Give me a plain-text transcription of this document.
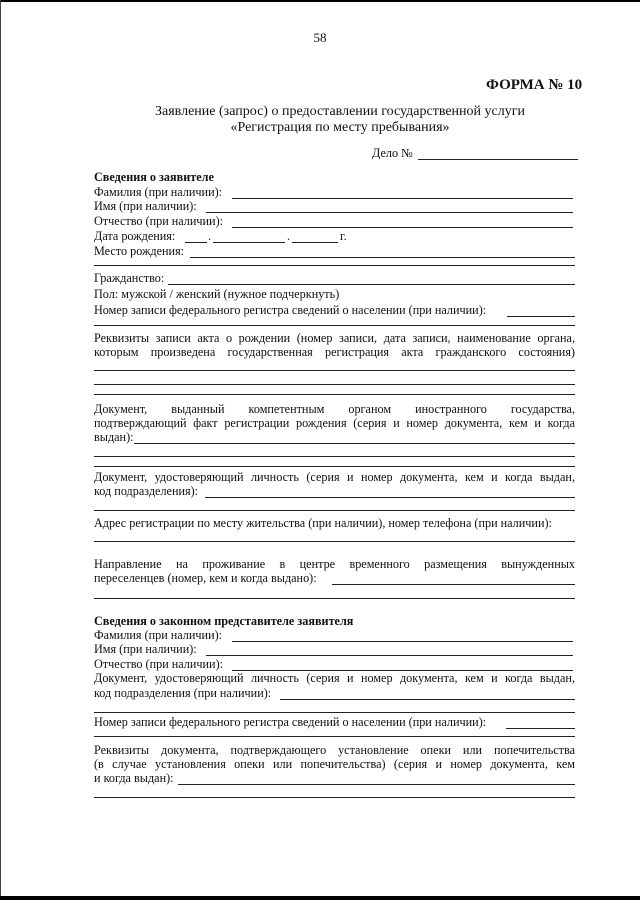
58
ФОРМА № 10
Заявление (запрос) о предоставлении государственной услуги
«Регистрация по месту пребывания»
Дело №
Сведения о заявителе
Фамилия (при наличии):
Имя (при наличии):
Отчество (при наличии):
Дата рождения:	.	.	г.
Место рождения:
Гражданство:
Пол: мужской / женский (нужное подчеркнуть)
Номер записи федерального регистра сведений о населении (при наличии):
Реквизиты записи акта о рождении (номер записи, дата записи, наименование органа,
которым произведена государственная регистрация акта гражданского состояния)
Документ, выданный компетентным органом иностранного государства,
подтверждающий факт регистрации рождения (серия и номер документа, кем и когда
выдан):
Документ, удостоверяющий личность (серия и номер документа, кем и когда выдан,
код подразделения):
Адрес регистрации по месту жительства (при наличии), номер телефона (при наличии):
Направление на проживание в центре временного размещения вынужденных
переселенцев (номер, кем и когда выдано):
Сведения о законном представителе заявителя
Фамилия (при наличии):
Имя (при наличии):
Отчество (при наличии):
Документ, удостоверяющий личность (серия и номер документа, кем и когда выдан,
код подразделения (при наличии):
Номер записи федерального регистра сведений о населении (при наличии):
Реквизиты документа, подтверждающего установление опеки или попечительства
(в случае установления опеки или попечительства) (серия и номер документа, кем
и когда выдан):
